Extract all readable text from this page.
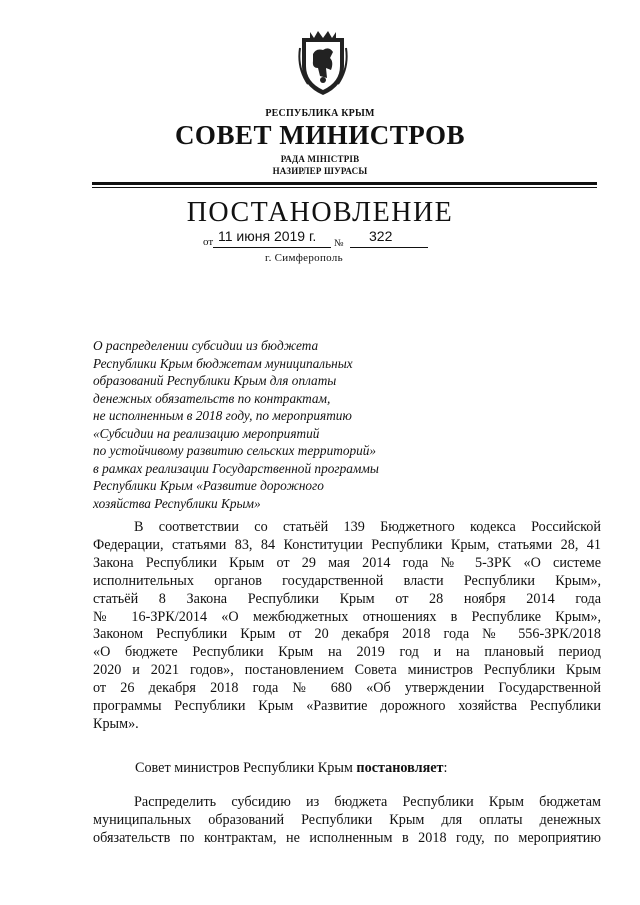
РЕСПУБЛИКА КРЫМ
СОВЕТ МИНИСТРОВ
РАДА МІНІСТРІВ
НАЗИРЛЕР ШУРАСЫ
ПОСТАНОВЛЕНИЕ
от 11 июня 2019 г. № 322
г. Симферополь
О распределении субсидии из бюджета
Республики Крым бюджетам муниципальных
образований Республики Крым для оплаты
денежных обязательств по контрактам,
не исполненным в 2018 году, по мероприятию
«Субсидии на реализацию мероприятий
по устойчивому развитию сельских территорий»
в рамках реализации Государственной программы
Республики Крым «Развитие дорожного
хозяйства Республики Крым»
В соответствии со статьёй 139 Бюджетного кодекса Российской
Федерации, статьями 83, 84 Конституции Республики Крым, статьями 28, 41
Закона Республики Крым от 29 мая 2014 года № 5-ЗРК «О системе
исполнительных органов государственной власти Республики Крым»,
статьёй 8 Закона Республики Крым от 28 ноября 2014 года
№ 16-ЗРК/2014 «О межбюджетных отношениях в Республике Крым»,
Законом Республики Крым от 20 декабря 2018 года № 556-ЗРК/2018
«О бюджете Республики Крым на 2019 год и на плановый период
2020 и 2021 годов», постановлением Совета министров Республики Крым
от 26 декабря 2018 года № 680 «Об утверждении Государственной
программы Республики Крым «Развитие дорожного хозяйства Республики
Крым».
Совет министров Республики Крым постановляет:
Распределить субсидию из бюджета Республики Крым бюджетам
муниципальных образований Республики Крым для оплаты денежных
обязательств по контрактам, не исполненным в 2018 году, по мероприятию
